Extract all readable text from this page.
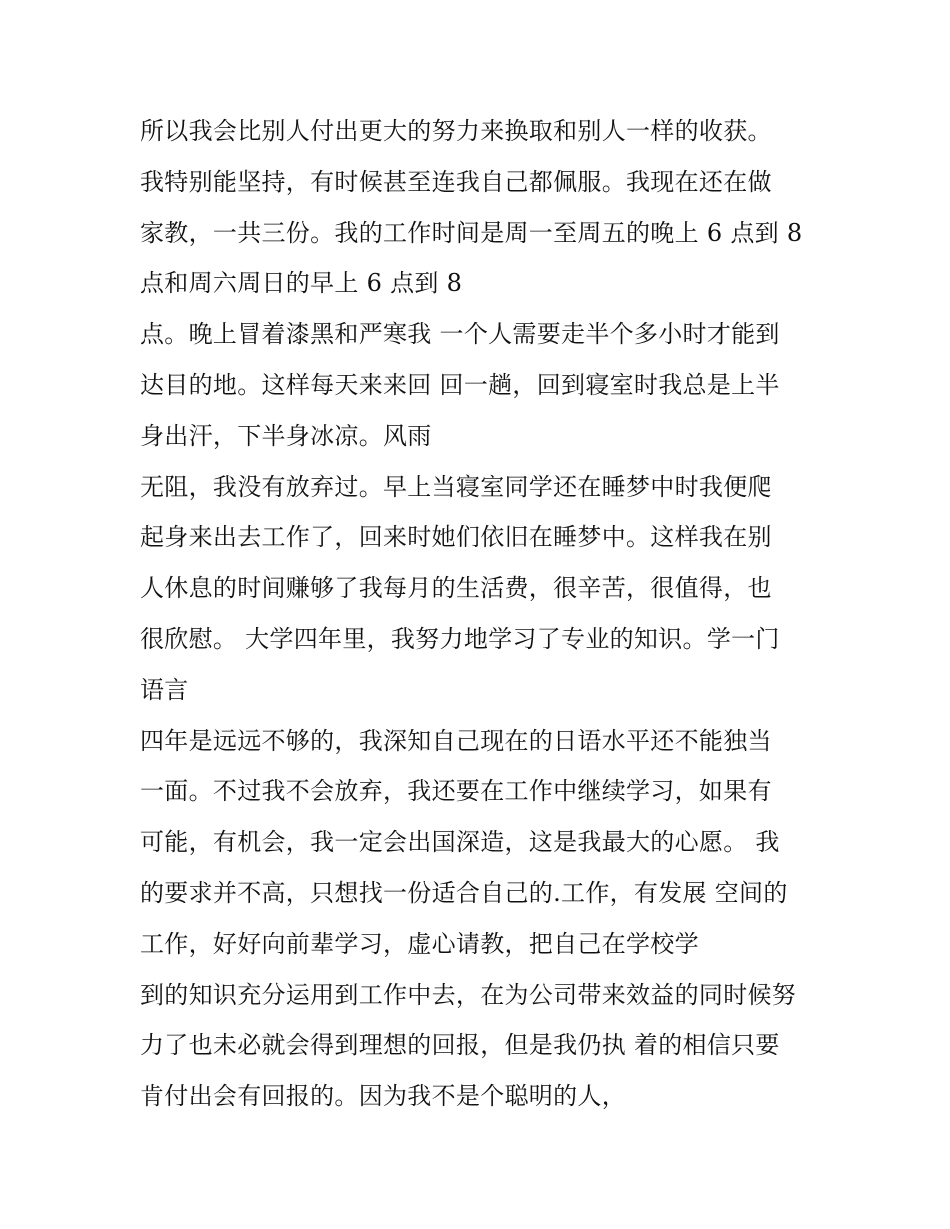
所以我会比别人付出更大的努力来换取和别人一样的收获。
我特别能坚持，有时候甚至连我自己都佩服。我现在还在做
家教，一共三份。我的工作时间是周一至周五的晚上 6 点到 8
点和周六周日的早上 6 点到 8
点。晚上冒着漆黑和严寒我 一个人需要走半个多小时才能到
达目的地。这样每天来来回 回一趟，回到寝室时我总是上半
身出汗，下半身冰凉。风雨
无阻，我没有放弃过。早上当寝室同学还在睡梦中时我便爬
起身来出去工作了，回来时她们依旧在睡梦中。这样我在别
人休息的时间赚够了我每月的生活费，很辛苦，很值得，也
很欣慰。 大学四年里，我努力地学习了专业的知识。学一门
语言
四年是远远不够的，我深知自己现在的日语水平还不能独当
一面。不过我不会放弃，我还要在工作中继续学习，如果有
可能，有机会，我一定会出国深造，这是我最大的心愿。 我
的要求并不高，只想找一份适合自己的.工作，有发展 空间的
工作，好好向前辈学习，虚心请教，把自己在学校学
到的知识充分运用到工作中去，在为公司带来效益的同时候努
力了也未必就会得到理想的回报，但是我仍执 着的相信只要
肯付出会有回报的。因为我不是个聪明的人，
